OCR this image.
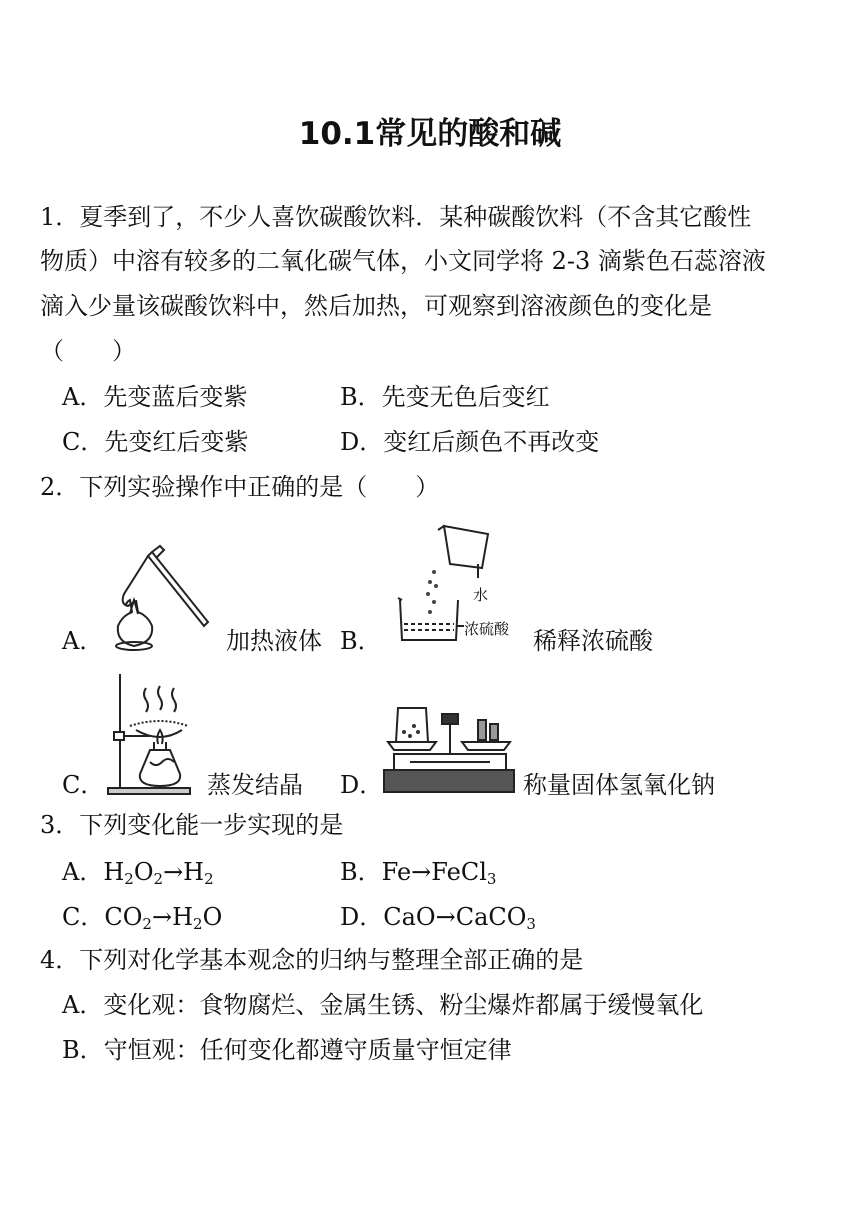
10.1常见的酸和碱
1．夏季到了，不少人喜饮碳酸饮料．某种碳酸饮料（不含其它酸性
物质）中溶有较多的二氧化碳气体，小文同学将 2-3 滴紫色石蕊溶液
滴入少量该碳酸饮料中，然后加热，可观察到溶液颜色的变化是
（　　）
A．先变蓝后变紫	B．先变无色后变红
C．先变红后变紫	D．变红后颜色不再改变
2．下列实验操作中正确的是（　　）
A．	加热液体 B．
水
浓硫酸 稀释浓硫酸
C．	蒸发结晶 D．	称量固体氢氧化钠
3．下列变化能一步实现的是
A．$H_2O_2\to H_2$	B．Fe→FeCl$_3$
C．$CO_2\to H_2O$	D．CaO→CaCO$_3$
4．下列对化学基本观念的归纳与整理全部正确的是
A．变化观：食物腐烂、金属生锈、粉尘爆炸都属于缓慢氧化
B．守恒观：任何变化都遵守质量守恒定律
